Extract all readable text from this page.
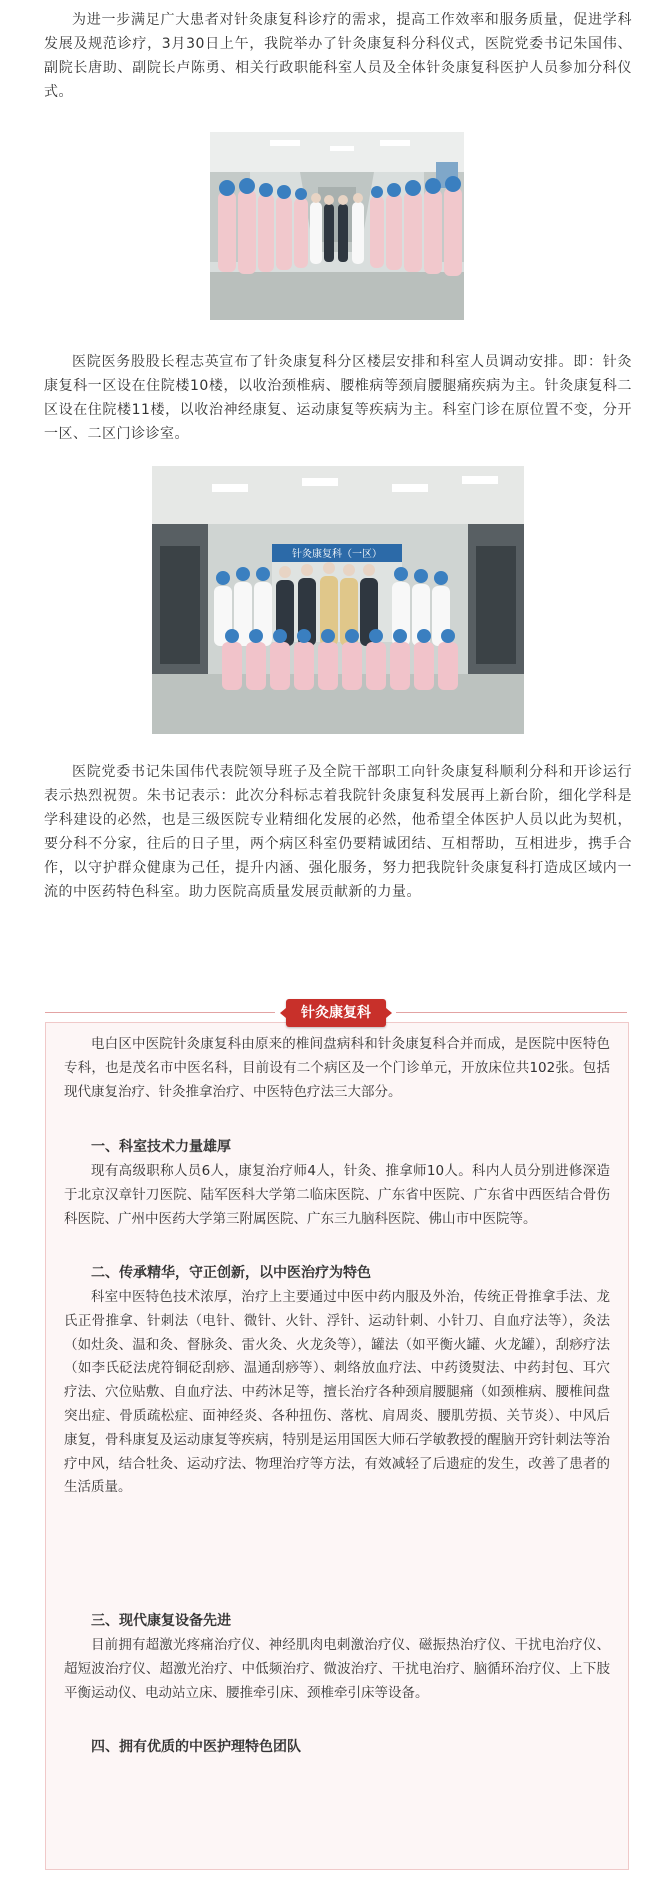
为进一步满足广大患者对针灸康复科诊疗的需求，提高工作效率和服务质量，促进学科发展及规范诊疗，3月30日上午，我院举办了针灸康复科分科仪式，医院党委书记朱国伟、副院长唐助、副院长卢陈勇、相关行政职能科室人员及全体针灸康复科医护人员参加分科仪式。

医院医务股股长程志英宣布了针灸康复科分区楼层安排和科室人员调动安排。即：针灸康复科一区设在住院楼10楼，以收治颈椎病、腰椎病等颈肩腰腿痛疾病为主。针灸康复科二区设在住院楼11楼，以收治神经康复、运动康复等疾病为主。科室门诊在原位置不变，分开一区、二区门诊诊室。

针灸康复科（一区）

医院党委书记朱国伟代表院领导班子及全院干部职工向针灸康复科顺利分科和开诊运行表示热烈祝贺。朱书记表示：此次分科标志着我院针灸康复科发展再上新台阶，细化学科是学科建设的必然，也是三级医院专业精细化发展的必然，他希望全体医护人员以此为契机，要分科不分家，往后的日子里，两个病区科室仍要精诚团结、互相帮助，互相进步，携手合作，以守护群众健康为己任，提升内涵、强化服务，努力把我院针灸康复科打造成区域内一流的中医药特色科室。助力医院高质量发展贡献新的力量。

电白区中医院针灸康复科由原来的椎间盘病科和针灸康复科合并而成，是医院中医特色专科，也是茂名市中医名科，目前设有二个病区及一个门诊单元，开放床位共102张。包括现代康复治疗、针灸推拿治疗、中医特色疗法三大部分。

一、科室技术力量雄厚

现有高级职称人员6人，康复治疗师4人，针灸、推拿师10人。科内人员分别进修深造于北京汉章针刀医院、陆军医科大学第二临床医院、广东省中医院、广东省中西医结合骨伤科医院、广州中医药大学第三附属医院、广东三九脑科医院、佛山市中医院等。

二、传承精华，守正创新，以中医治疗为特色

科室中医特色技术浓厚，治疗上主要通过中医中药内服及外治，传统正骨推拿手法、龙氏正骨推拿、针刺法（电针、微针、火针、浮针、运动针刺、小针刀、自血疗法等），灸法（如灶灸、温和灸、督脉灸、雷火灸、火龙灸等），罐法（如平衡火罐、火龙罐），刮痧疗法（如李氏砭法虎符铜砭刮痧、温通刮痧等）、刺络放血疗法、中药烫熨法、中药封包、耳穴疗法、穴位贴敷、自血疗法、中药沐足等，擅长治疗各种颈肩腰腿痛（如颈椎病、腰椎间盘突出症、骨质疏松症、面神经炎、各种扭伤、落枕、肩周炎、腰肌劳损、关节炎）、中风后康复，骨科康复及运动康复等疾病，特别是运用国医大师石学敏教授的醒脑开窍针刺法等治疗中风，结合牡灸、运动疗法、物理治疗等方法，有效减轻了后遗症的发生，改善了患者的生活质量。

三、现代康复设备先进

目前拥有超激光疼痛治疗仪、神经肌肉电刺激治疗仪、磁振热治疗仪、干扰电治疗仪、超短波治疗仪、超激光治疗、中低频治疗、微波治疗、干扰电治疗、脑循环治疗仪、上下肢平衡运动仪、电动站立床、腰推牵引床、颈椎牵引床等设备。

四、拥有优质的中医护理特色团队
针灸康复科
